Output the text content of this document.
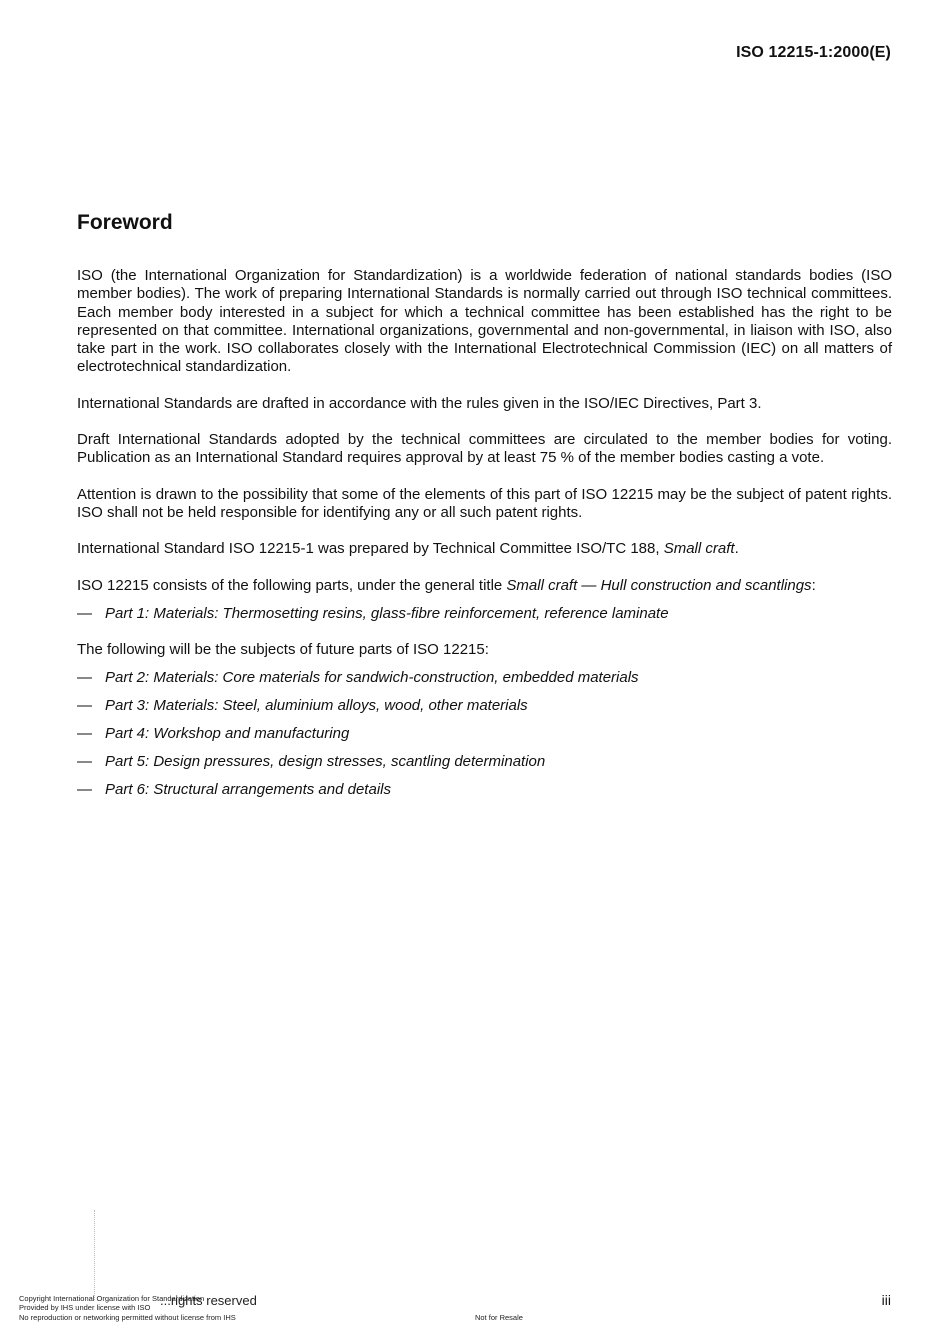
ISO 12215-1:2000(E)
Foreword

ISO (the International Organization for Standardization) is a worldwide federation of national standards bodies (ISO member bodies). The work of preparing International Standards is normally carried out through ISO technical committees. Each member body interested in a subject for which a technical committee has been established has the right to be represented on that committee. International organizations, governmental and non-governmental, in liaison with ISO, also take part in the work. ISO collaborates closely with the International Electrotechnical Commission (IEC) on all matters of electrotechnical standardization.

International Standards are drafted in accordance with the rules given in the ISO/IEC Directives, Part 3.

Draft International Standards adopted by the technical committees are circulated to the member bodies for voting. Publication as an International Standard requires approval by at least 75 % of the member bodies casting a vote.

Attention is drawn to the possibility that some of the elements of this part of ISO 12215 may be the subject of patent rights. ISO shall not be held responsible for identifying any or all such patent rights.

International Standard ISO 12215-1 was prepared by Technical Committee ISO/TC 188, Small craft.

ISO 12215 consists of the following parts, under the general title Small craft — Hull construction and scantlings:

— Part 1: Materials: Thermosetting resins, glass-fibre reinforcement, reference laminate

The following will be the subjects of future parts of ISO 12215:

— Part 2: Materials: Core materials for sandwich-construction, embedded materials
— Part 3: Materials: Steel, aluminium alloys, wood, other materials
— Part 4: Workshop and manufacturing
— Part 5: Design pressures, design stresses, scantling determination
— Part 6: Structural arrangements and details
Copyright International Organization for Standardization
Provided by IHS under license with ISO
No reproduction or networking permitted without license from IHS
...rights reserved	iii
Not for Resale
